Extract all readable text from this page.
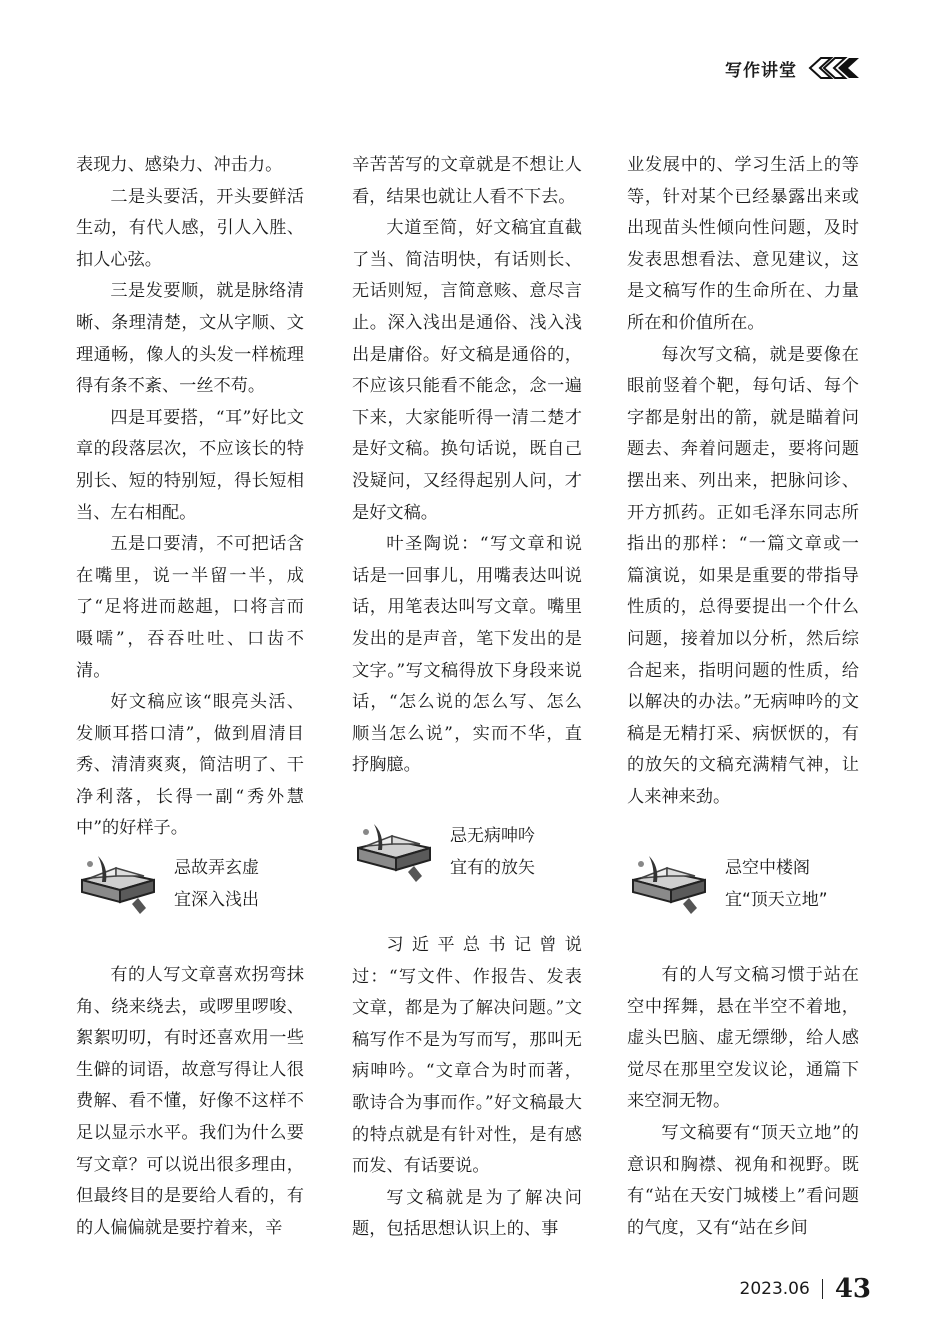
写作讲堂

表现力、感染力、冲击力。

二是头要活，开头要鲜活生动，有代人感，引人入胜、扣人心弦。

三是发要顺，就是脉络清晰、条理清楚，文从字顺、文理通畅，像人的头发一样梳理得有条不紊、一丝不苟。

四是耳要搭，“耳”好比文章的段落层次，不应该长的特别长、短的特别短，得长短相当、左右相配。

五是口要清，不可把话含在嘴里，说一半留一半，成了“足将进而趑趄，口将言而嗫嚅”，吞吞吐吐、口齿不清。

好文稿应该“眼亮头活、发顺耳搭口清”，做到眉清目秀、清清爽爽，简洁明了、干净利落，长得一副“秀外慧中”的好样子。

忌故弄玄虚
宜深入浅出

有的人写文章喜欢拐弯抹角、绕来绕去，或啰里啰唆、絮絮叨叨，有时还喜欢用一些生僻的词语，故意写得让人很费解、看不懂，好像不这样不足以显示水平。我们为什么要写文章？可以说出很多理由，但最终目的是要给人看的，有的人偏偏就是要拧着来，辛

辛苦苦写的文章就是不想让人看，结果也就让人看不下去。

大道至简，好文稿宜直截了当、简洁明快，有话则长、无话则短，言简意赅、意尽言止。深入浅出是通俗、浅入浅出是庸俗。好文稿是通俗的，不应该只能看不能念，念一遍下来，大家能听得一清二楚才是好文稿。换句话说，既自己没疑问，又经得起别人问，才是好文稿。

叶圣陶说：“写文章和说话是一回事儿，用嘴表达叫说话，用笔表达叫写文章。嘴里发出的是声音，笔下发出的是文字。”写文稿得放下身段来说话，“怎么说的怎么写、怎么顺当怎么说”，实而不华，直抒胸臆。

忌无病呻吟
宜有的放矢

习近平总书记曾说过：“写文件、作报告、发表文章，都是为了解决问题。”文稿写作不是为写而写，那叫无病呻吟。“文章合为时而著，歌诗合为事而作。”好文稿最大的特点就是有针对性，是有感而发、有话要说。

写文稿就是为了解决问题，包括思想认识上的、事

业发展中的、学习生活上的等等，针对某个已经暴露出来或出现苗头性倾向性问题，及时发表思想看法、意见建议，这是文稿写作的生命所在、力量所在和价值所在。

每次写文稿，就是要像在眼前竖着个靶，每句话、每个字都是射出的箭，就是瞄着问题去、奔着问题走，要将问题摆出来、列出来，把脉问诊、开方抓药。正如毛泽东同志所指出的那样：“一篇文章或一篇演说，如果是重要的带指导性质的，总得要提出一个什么问题，接着加以分析，然后综合起来，指明问题的性质，给以解决的办法。”无病呻吟的文稿是无精打采、病恹恹的，有的放矢的文稿充满精气神，让人来神来劲。

忌空中楼阁
宜“顶天立地”

有的人写文稿习惯于站在空中挥舞，悬在半空不着地，虚头巴脑、虚无缥缈，给人感觉尽在那里空发议论，通篇下来空洞无物。

写文稿要有“顶天立地”的意识和胸襟、视角和视野。既有“站在天安门城楼上”看问题的气度，又有“站在乡间

2023.06 43
